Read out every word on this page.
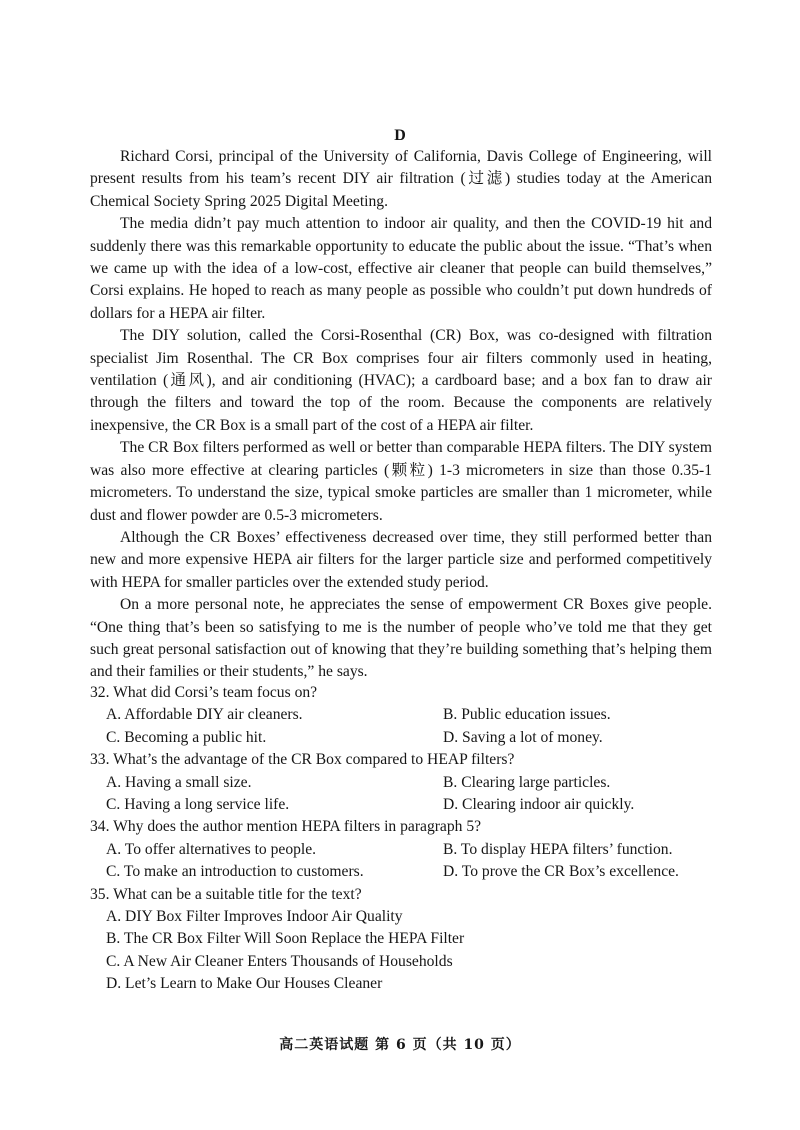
D

Richard Corsi, principal of the University of California, Davis College of Engineering, will present results from his team’s recent DIY air filtration (过滤) studies today at the American Chemical Society Spring 2025 Digital Meeting.

The media didn’t pay much attention to indoor air quality, and then the COVID-19 hit and suddenly there was this remarkable opportunity to educate the public about the issue. “That’s when we came up with the idea of a low-cost, effective air cleaner that people can build themselves,” Corsi explains. He hoped to reach as many people as possible who couldn’t put down hundreds of dollars for a HEPA air filter.

The DIY solution, called the Corsi-Rosenthal (CR) Box, was co-designed with filtration specialist Jim Rosenthal. The CR Box comprises four air filters commonly used in heating, ventilation (通风), and air conditioning (HVAC); a cardboard base; and a box fan to draw air through the filters and toward the top of the room. Because the components are relatively inexpensive, the CR Box is a small part of the cost of a HEPA air filter.

The CR Box filters performed as well or better than comparable HEPA filters. The DIY system was also more effective at clearing particles (颗粒) 1-3 micrometers in size than those 0.35-1 micrometers. To understand the size, typical smoke particles are smaller than 1 micrometer, while dust and flower powder are 0.5-3 micrometers.

Although the CR Boxes’ effectiveness decreased over time, they still performed better than new and more expensive HEPA air filters for the larger particle size and performed competitively with HEPA for smaller particles over the extended study period.

On a more personal note, he appreciates the sense of empowerment CR Boxes give people. “One thing that’s been so satisfying to me is the number of people who’ve told me that they get such great personal satisfaction out of knowing that they’re building something that’s helping them and their families or their students,” he says.

32. What did Corsi’s team focus on?
A. Affordable DIY air cleaners.	B. Public education issues.
C. Becoming a public hit.	D. Saving a lot of money.
33. What’s the advantage of the CR Box compared to HEAP filters?
A. Having a small size.	B. Clearing large particles.
C. Having a long service life.	D. Clearing indoor air quickly.
34. Why does the author mention HEPA filters in paragraph 5?
A. To offer alternatives to people.	B. To display HEPA filters’ function.
C. To make an introduction to customers.	D. To prove the CR Box’s excellence.
35. What can be a suitable title for the text?
A. DIY Box Filter Improves Indoor Air Quality
B. The CR Box Filter Will Soon Replace the HEPA Filter
C. A New Air Cleaner Enters Thousands of Households
D. Let’s Learn to Make Our Houses Cleaner
高二英语试题 第 6 页（共 10 页）
